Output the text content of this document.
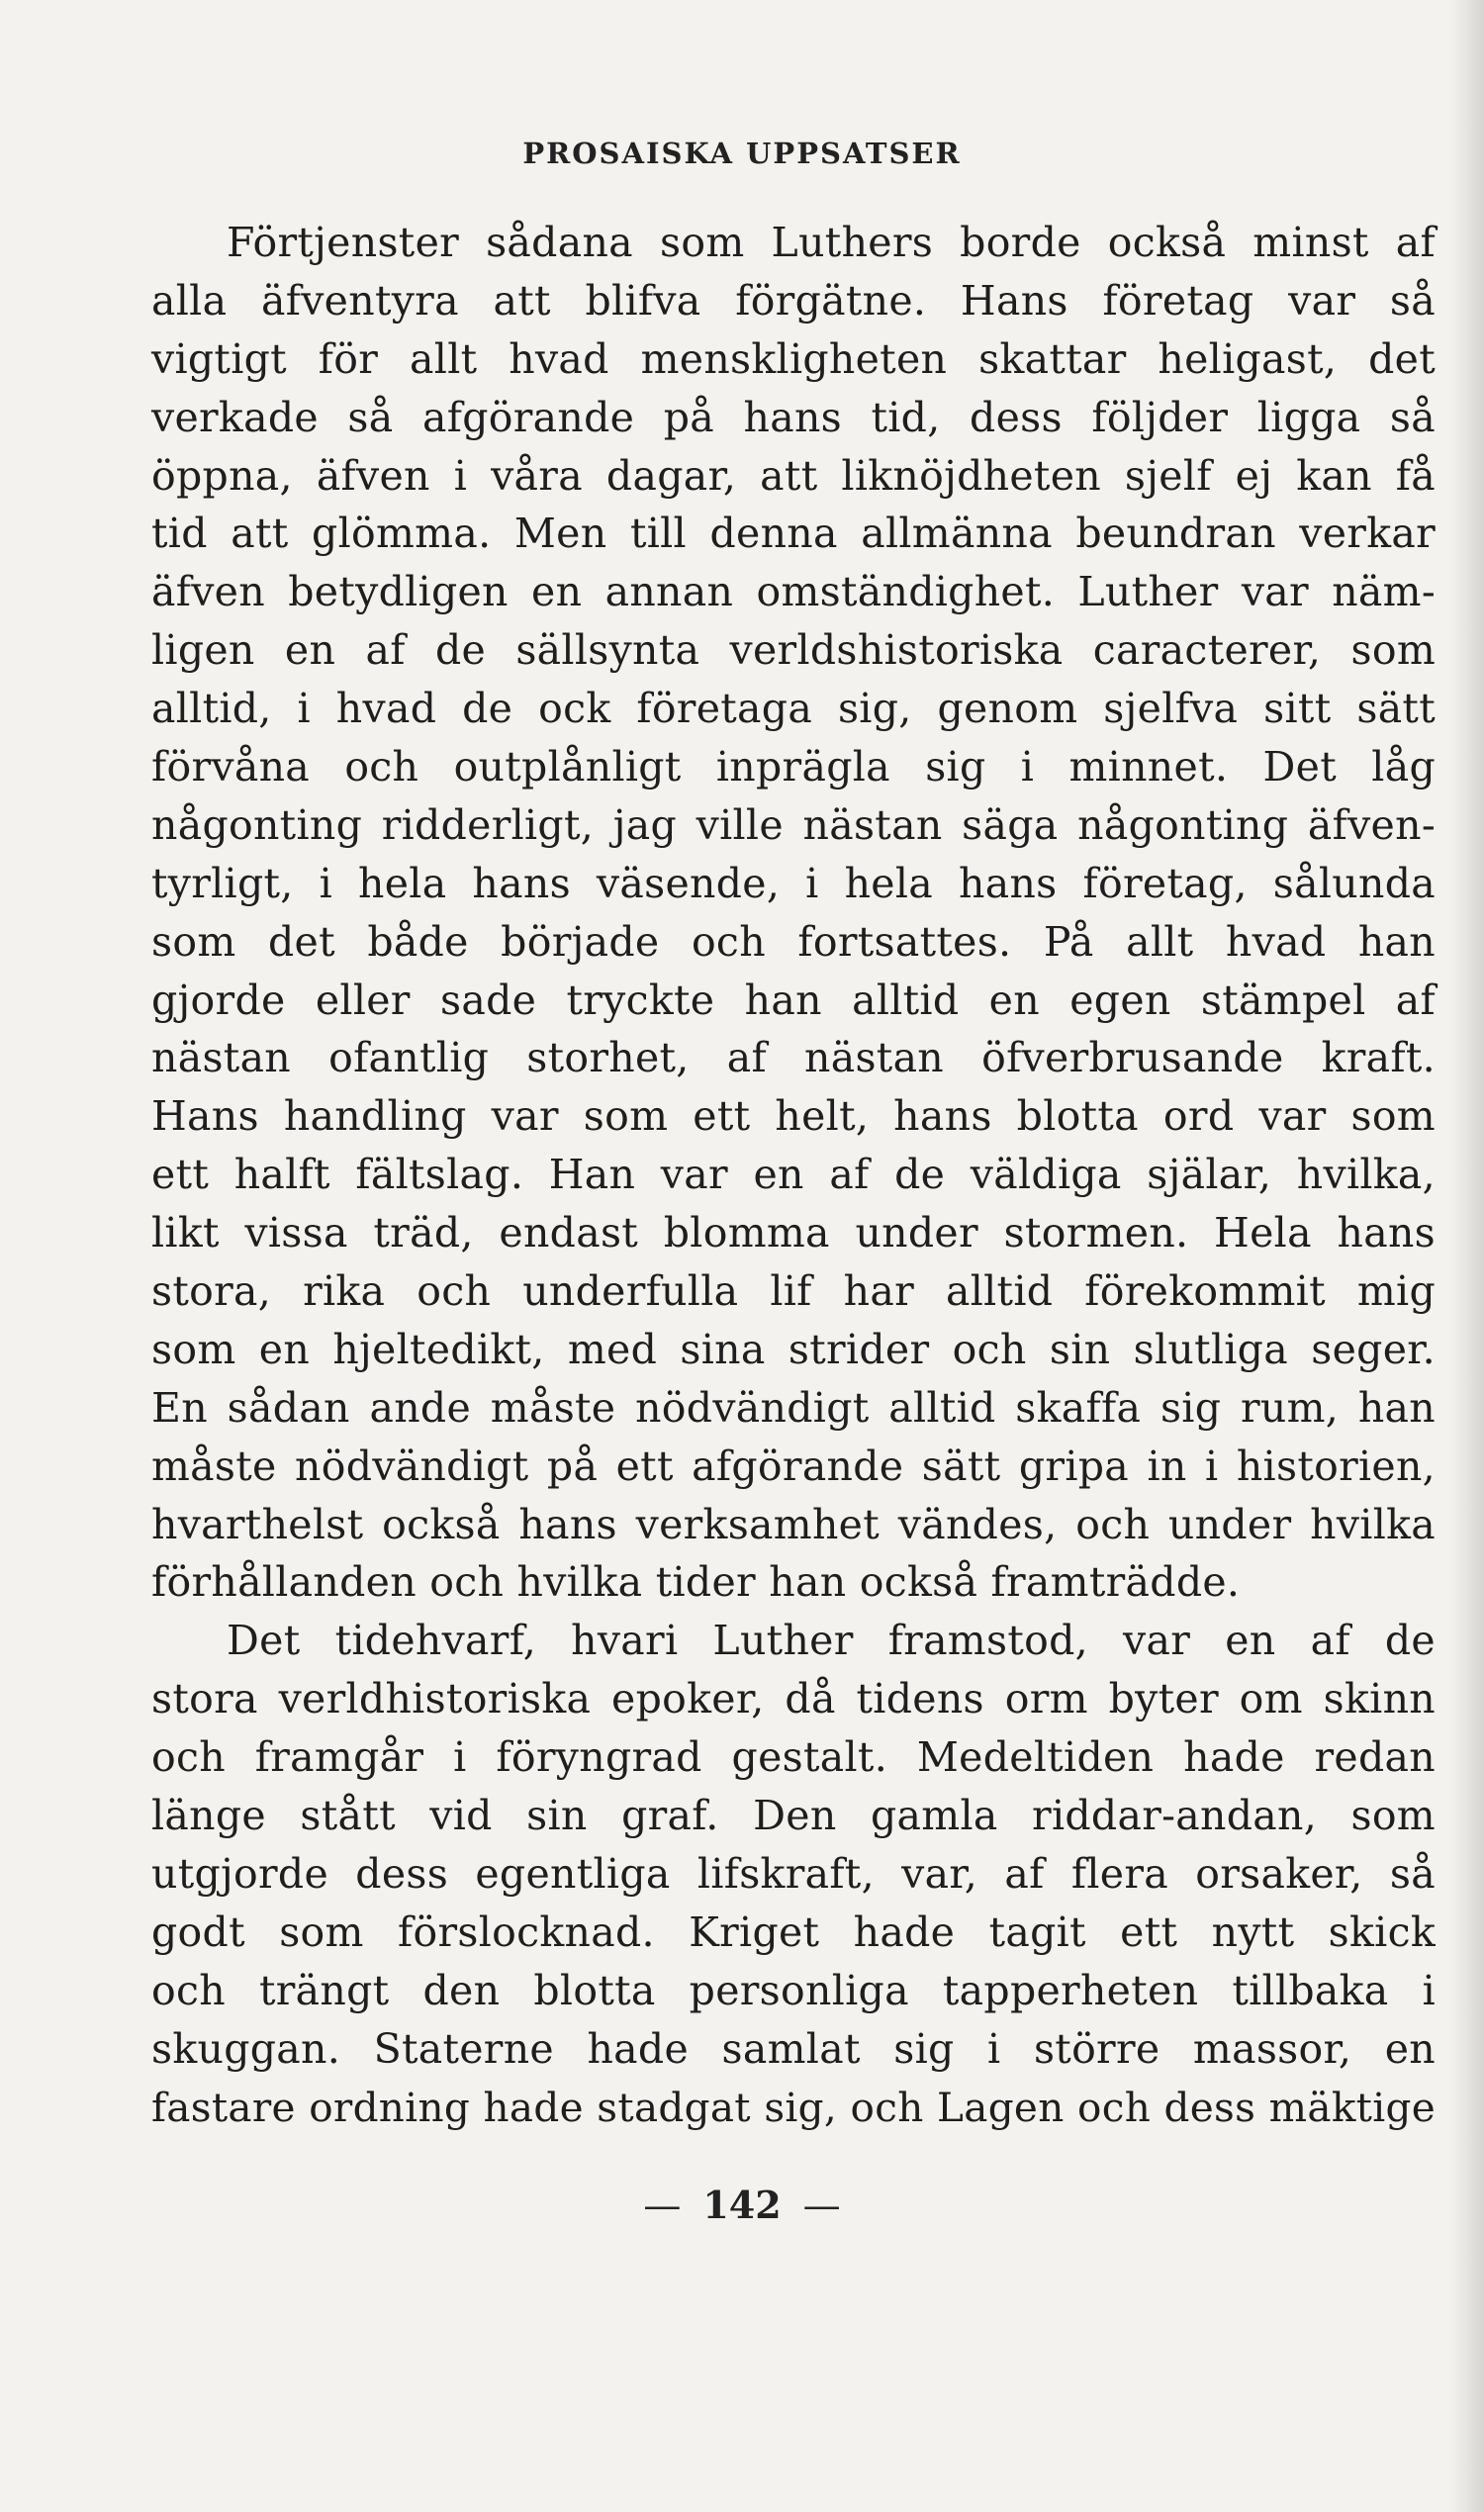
PROSAISKA UPPSATSER
Förtjenster sådana som Luthers borde också minst af
alla äfventyra att blifva förgätne. Hans företag var så
vigtigt för allt hvad menskligheten skattar heligast, det
verkade så afgörande på hans tid, dess följder ligga så
öppna, äfven i våra dagar, att liknöjdheten sjelf ej kan få
tid att glömma. Men till denna allmänna beundran verkar
äfven betydligen en annan omständighet. Luther var näm-
ligen en af de sällsynta verldshistoriska caracterer, som
alltid, i hvad de ock företaga sig, genom sjelfva sitt sätt
förvåna och outplånligt inprägla sig i minnet. Det låg
någonting ridderligt, jag ville nästan säga någonting äfven-
tyrligt, i hela hans väsende, i hela hans företag, sålunda
som det både började och fortsattes. På allt hvad han
gjorde eller sade tryckte han alltid en egen stämpel af
nästan ofantlig storhet, af nästan öfverbrusande kraft.
Hans handling var som ett helt, hans blotta ord var som
ett halft fältslag. Han var en af de väldiga själar, hvilka,
likt vissa träd, endast blomma under stormen. Hela hans
stora, rika och underfulla lif har alltid förekommit mig
som en hjeltedikt, med sina strider och sin slutliga seger.
En sådan ande måste nödvändigt alltid skaffa sig rum, han
måste nödvändigt på ett afgörande sätt gripa in i historien,
hvarthelst också hans verksamhet vändes, och under hvilka
förhållanden och hvilka tider han också framträdde.
Det tidehvarf, hvari Luther framstod, var en af de
stora verldhistoriska epoker, då tidens orm byter om skinn
och framgår i föryngrad gestalt. Medeltiden hade redan
länge stått vid sin graf. Den gamla riddar-andan, som
utgjorde dess egentliga lifskraft, var, af flera orsaker, så
godt som förslocknad. Kriget hade tagit ett nytt skick
och trängt den blotta personliga tapperheten tillbaka i
skuggan. Staterne hade samlat sig i större massor, en
fastare ordning hade stadgat sig, och Lagen och dess mäktige
— 142 —
